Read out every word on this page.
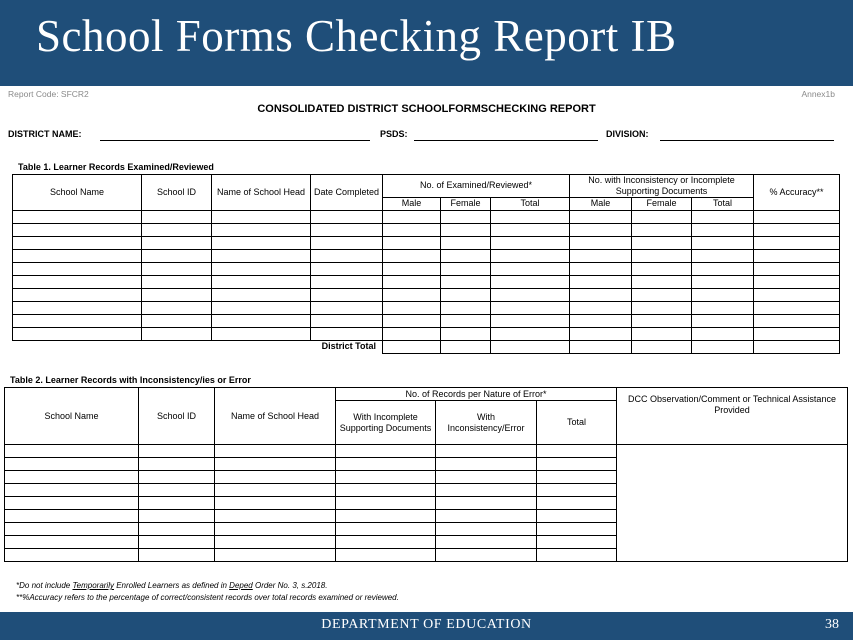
School Forms Checking Report IB
Report Code: SFCR2	Annex1b
CONSOLIDATED DISTRICT SCHOOLFORMSCHECKING REPORT
DISTRICT NAME:	PSDS:	DIVISION:
Table 1. Learner Records Examined/Reviewed
School Name	School ID	Name of School Head	Date Completed	No. of Examined/Reviewed*			No. with Inconsistency or Incomplete Supporting Documents			% Accuracy**
				Male	Female	Total	Male	Female	Total	

District Total										

Table 2. Learner Records with Inconsistency/ies or Error
School Name	School ID	Name of School Head	No. of Records per Nature of Error*			DCC Observation/Comment or Technical Assistance Provided
			With Incomplete Supporting Documents	With Inconsistency/Error	Total	

*Do not include Temporarily Enrolled Learners as defined in Deped Order No. 3, s.2018.
**%Accuracy refers to the percentage of correct/consistent records over total records examined or reviewed.
DEPARTMENT OF EDUCATION	38
